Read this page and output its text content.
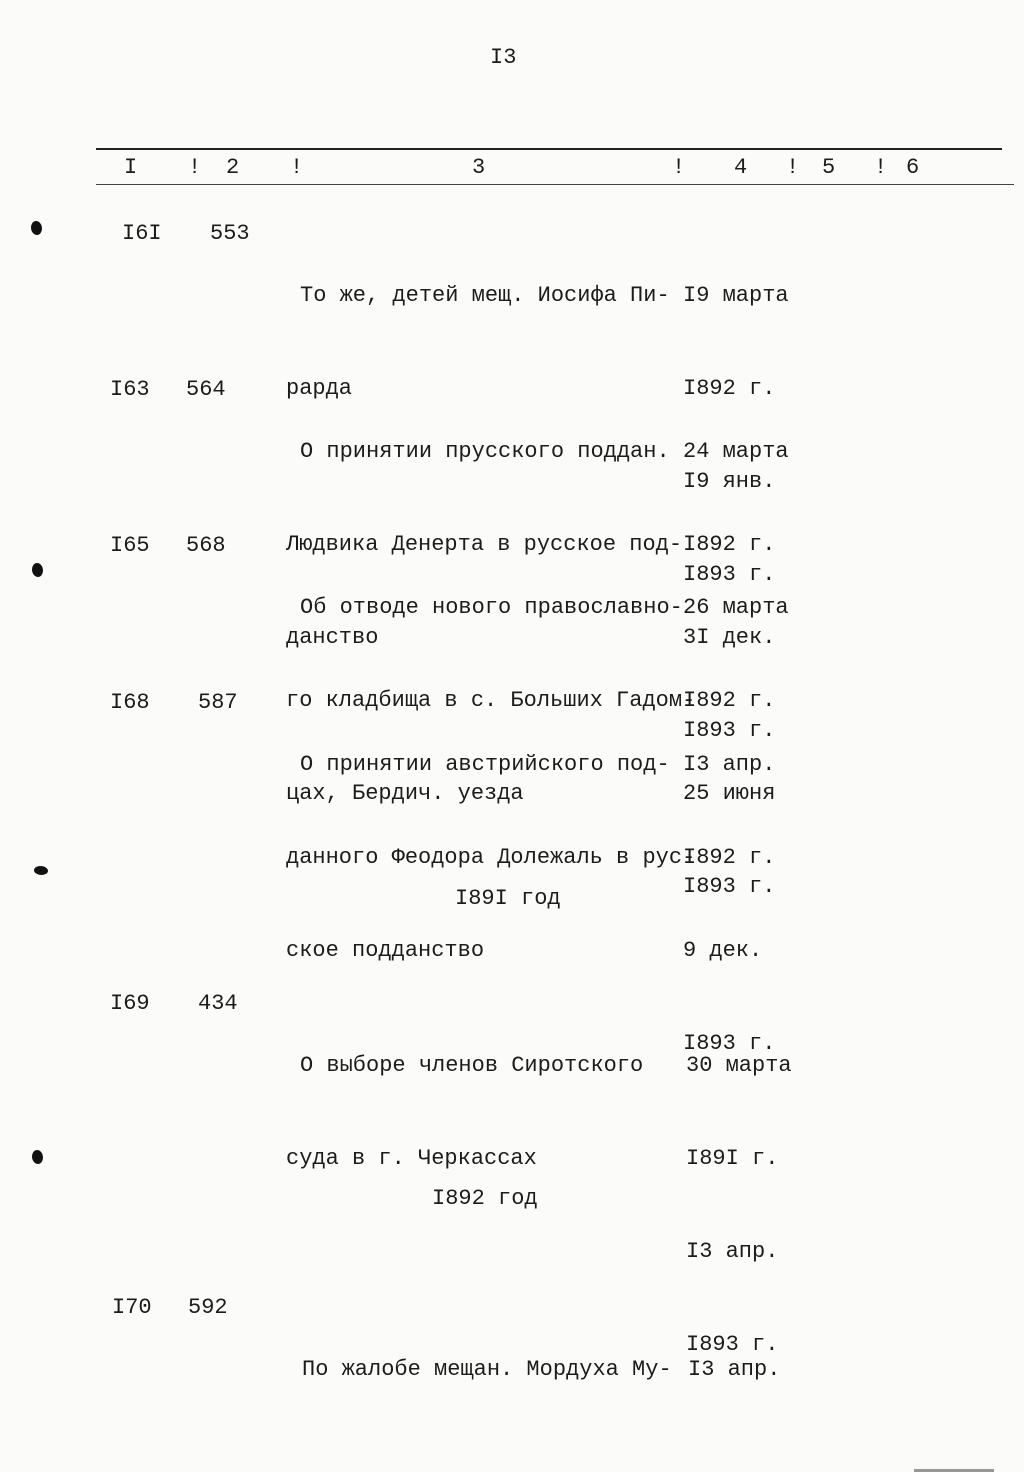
I3
I ! 2 !	3	! 4 ! 5 ! 6
I6I 553

То же, детей мещ. Иосифа Пи-

рарда

I9 марта

I892 г.

I9 янв.

I893 г.

I63 564

О принятии прусского поддан.

Людвика Денерта в русское под-

данство

24 марта

I892 г.

3I дек.

I893 г.

I65 568

Об отводе нового православно-

го кладбища в с. Больших Гадом-

цах, Бердич. уезда

26 марта

I892 г.

25 июня

I893 г.

I68 587

О принятии австрийского под-

данного Феодора Долежаль в рус-

ское подданство

I3 апр.

I892 г.

9 дек.

I893 г.

I89I год
I69 434

О выборе членов Сиротского

суда в г. Черкассах

30 марта

I89I г.

I3 апр.

I893 г.

I892 год
I70 592

По жалобе мещан. Мордуха Му-

I3 апр.
